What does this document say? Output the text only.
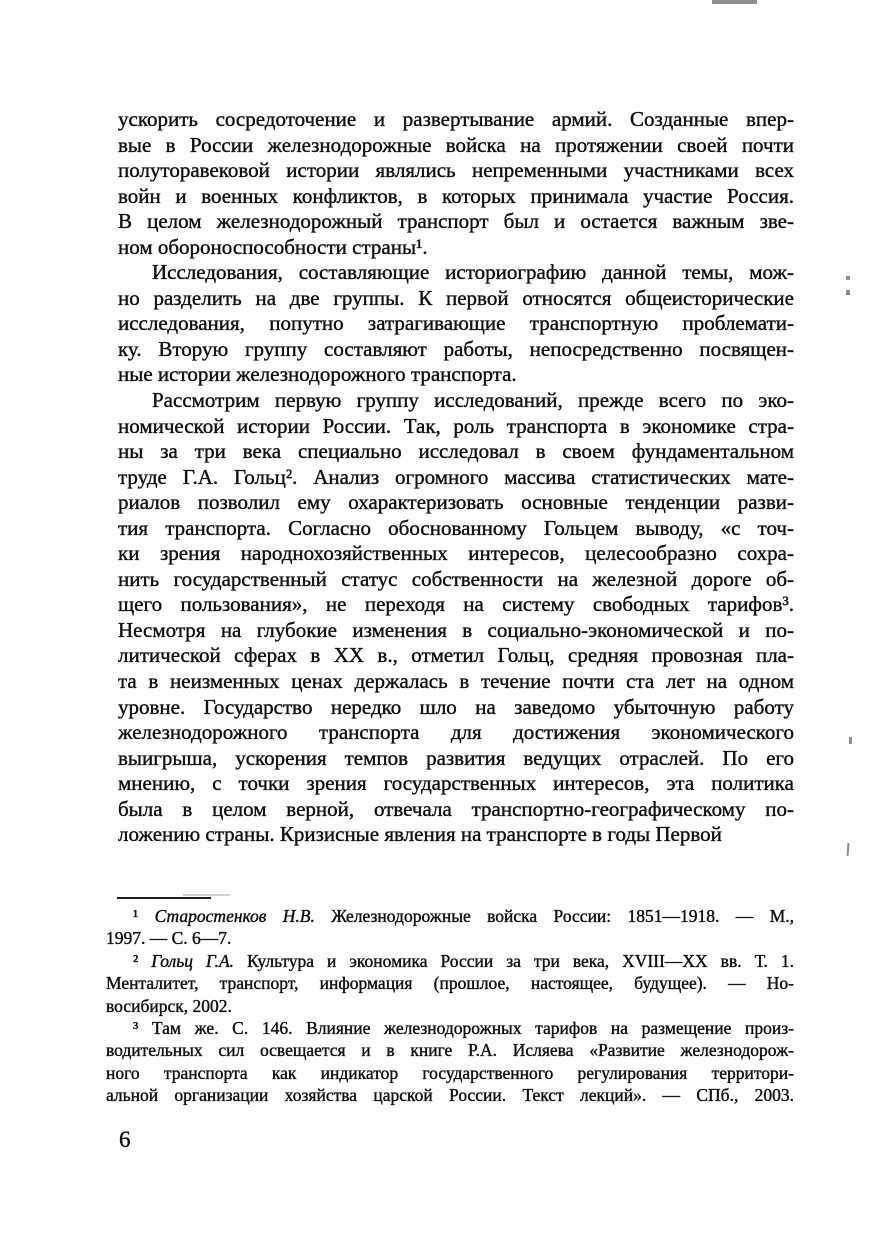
ускорить сосредоточение и развертывание армий. Созданные впер-
вые в России железнодорожные войска на протяжении своей почти
полуторавековой истории являлись непременными участниками всех
войн и военных конфликтов, в которых принимала участие Россия.
В целом железнодорожный транспорт был и остается важным зве-
ном обороноспособности страны¹.
Исследования, составляющие историографию данной темы, мож-
но разделить на две группы. К первой относятся общеисторические
исследования, попутно затрагивающие транспортную проблемати-
ку. Вторую группу составляют работы, непосредственно посвящен-
ные истории железнодорожного транспорта.
Рассмотрим первую группу исследований, прежде всего по эко-
номической истории России. Так, роль транспорта в экономике стра-
ны за три века специально исследовал в своем фундаментальном
труде Г.А. Гольц². Анализ огромного массива статистических мате-
риалов позволил ему охарактеризовать основные тенденции разви-
тия транспорта. Согласно обоснованному Гольцем выводу, «с точ-
ки зрения народнохозяйственных интересов, целесообразно сохра-
нить государственный статус собственности на железной дороге об-
щего пользования», не переходя на систему свободных тарифов³.
Несмотря на глубокие изменения в социально-экономической и по-
литической сферах в XX в., отметил Гольц, средняя провозная пла-
та в неизменных ценах держалась в течение почти ста лет на одном
уровне. Государство нередко шло на заведомо убыточную работу
железнодорожного транспорта для достижения экономического
выигрыша, ускорения темпов развития ведущих отраслей. По его
мнению, с точки зрения государственных интересов, эта политика
была в целом верной, отвечала транспортно-географическому по-
ложению страны. Кризисные явления на транспорте в годы Первой
¹ Старостенков Н.В. Железнодорожные войска России: 1851—1918. — М.,
1997. — С. 6—7.
² Гольц Г.А. Культура и экономика России за три века, XVIII—XX вв. Т. 1.
Менталитет, транспорт, информация (прошлое, настоящее, будущее). — Но-
восибирск, 2002.
³ Там же. С. 146. Влияние железнодорожных тарифов на размещение произ-
водительных сил освещается и в книге Р.А. Исляева «Развитие железнодорож-
ного транспорта как индикатор государственного регулирования территори-
альной организации хозяйства царской России. Текст лекций». — СПб., 2003.
6
